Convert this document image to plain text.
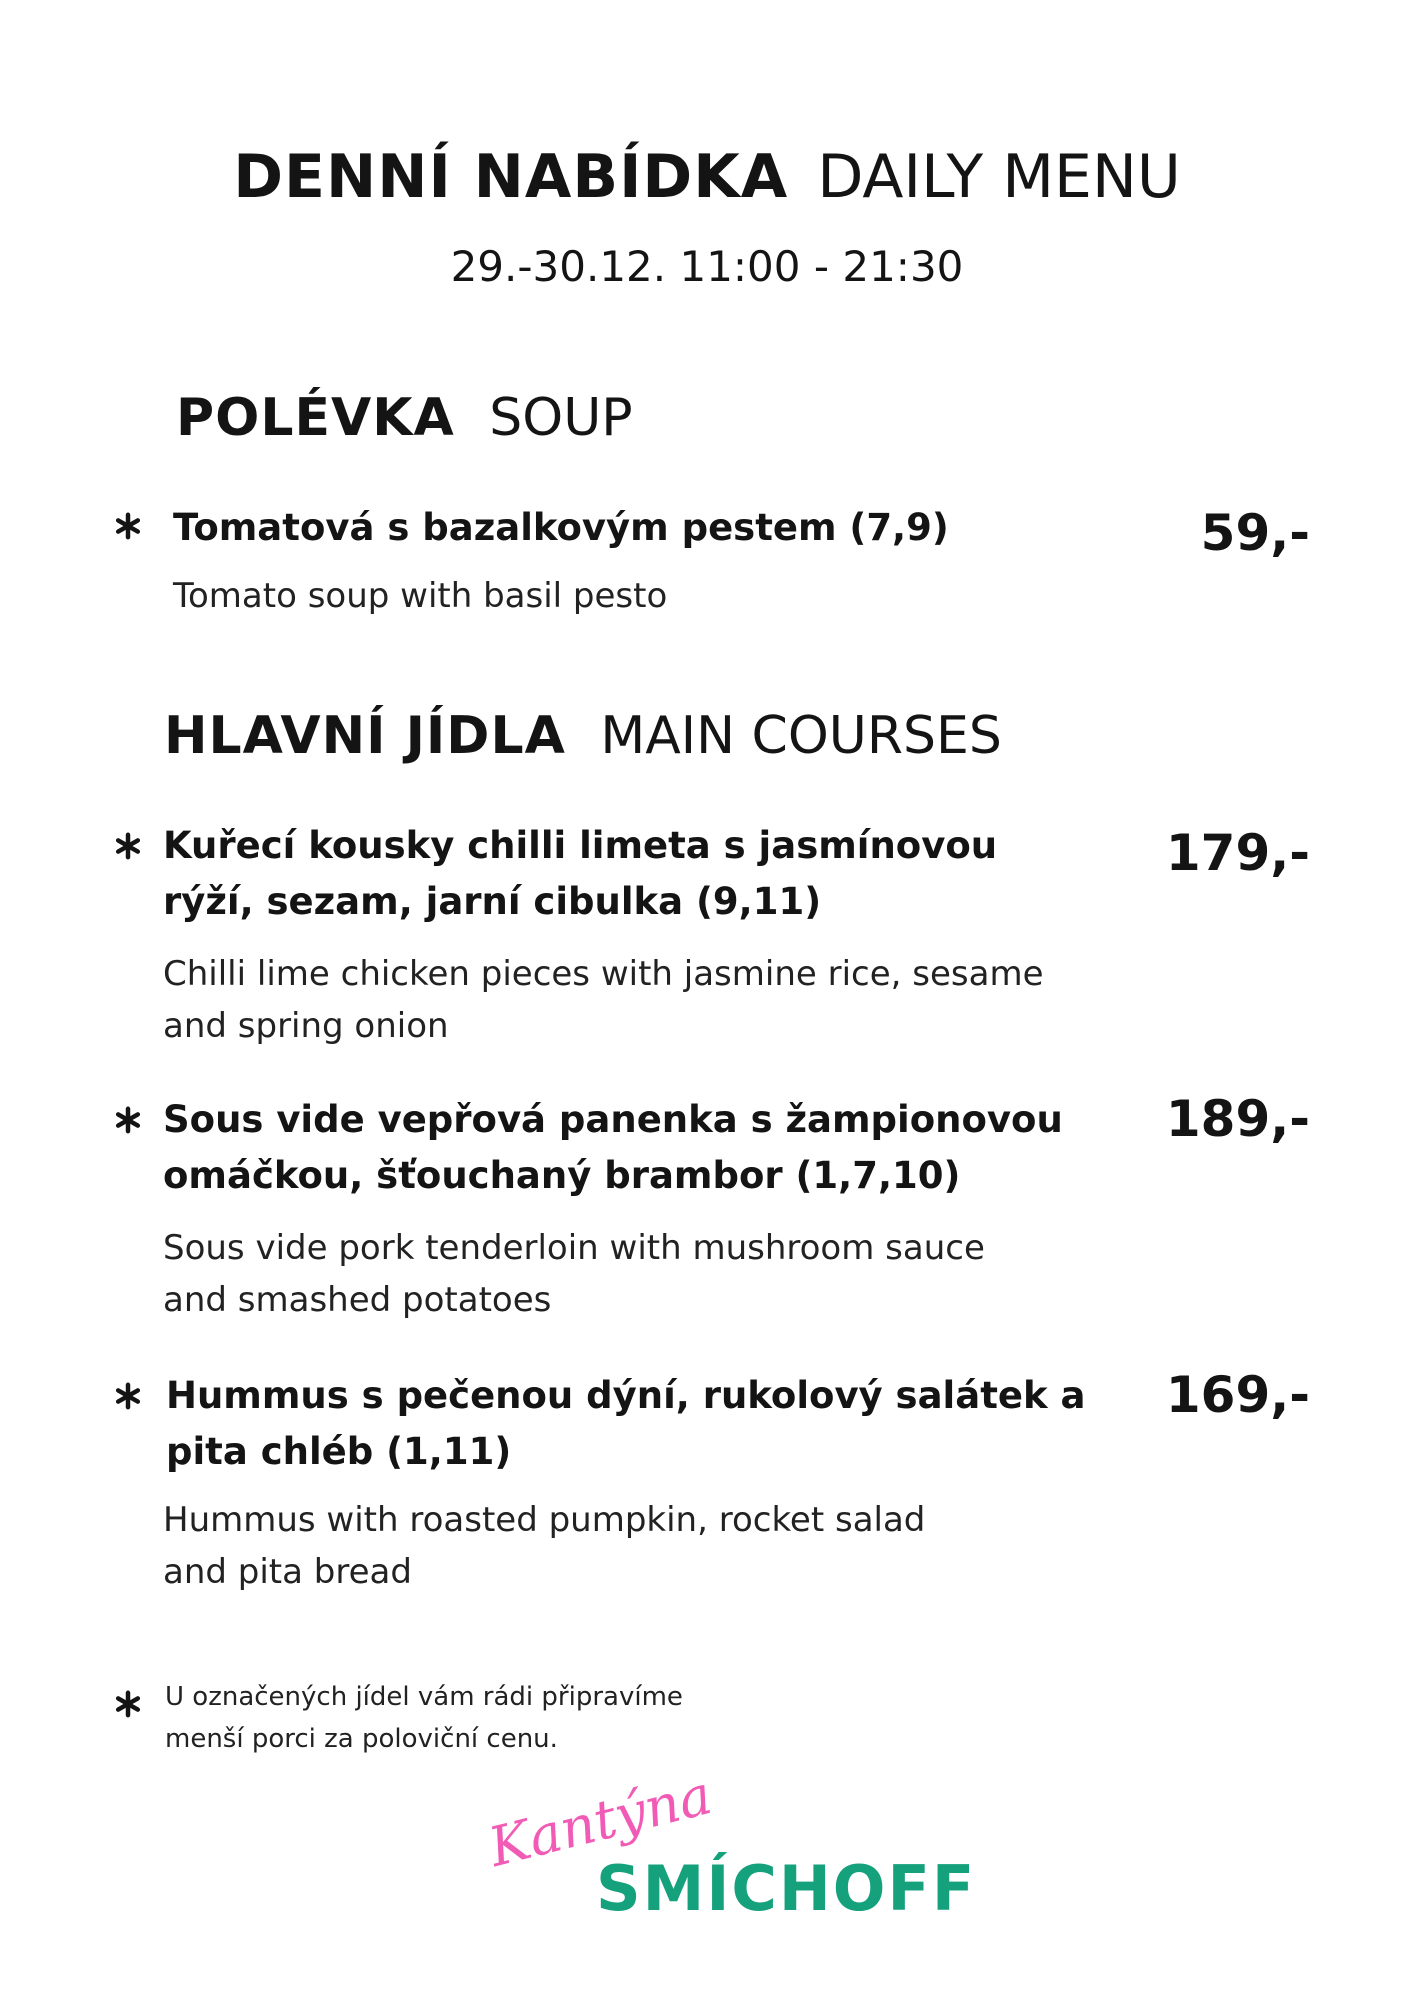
DENNÍ NABÍDKA DAILY MENU
29.-30.12. 11:00 - 21:30
POLÉVKA SOUP
Tomatová s bazalkovým pestem (7,9)
Tomato soup with basil pesto
59,-
HLAVNÍ JÍDLA MAIN COURSES
Kuřecí kousky chilli limeta s jasmínovou
rýží, sezam, jarní cibulka (9,11)
Chilli lime chicken pieces with jasmine rice, sesame
and spring onion
179,-
Sous vide vepřová panenka s žampionovou
omáčkou, šťouchaný brambor (1,7,10)
Sous vide pork tenderloin with mushroom sauce
and smashed potatoes
189,-
Hummus s pečenou dýní, rukolový salátek a
pita chléb (1,11)
Hummus with roasted pumpkin, rocket salad
and pita bread
169,-
U označených jídel vám rádi připravíme
menší porci za poloviční cenu.
Kantýna
SMÍCHOFF
